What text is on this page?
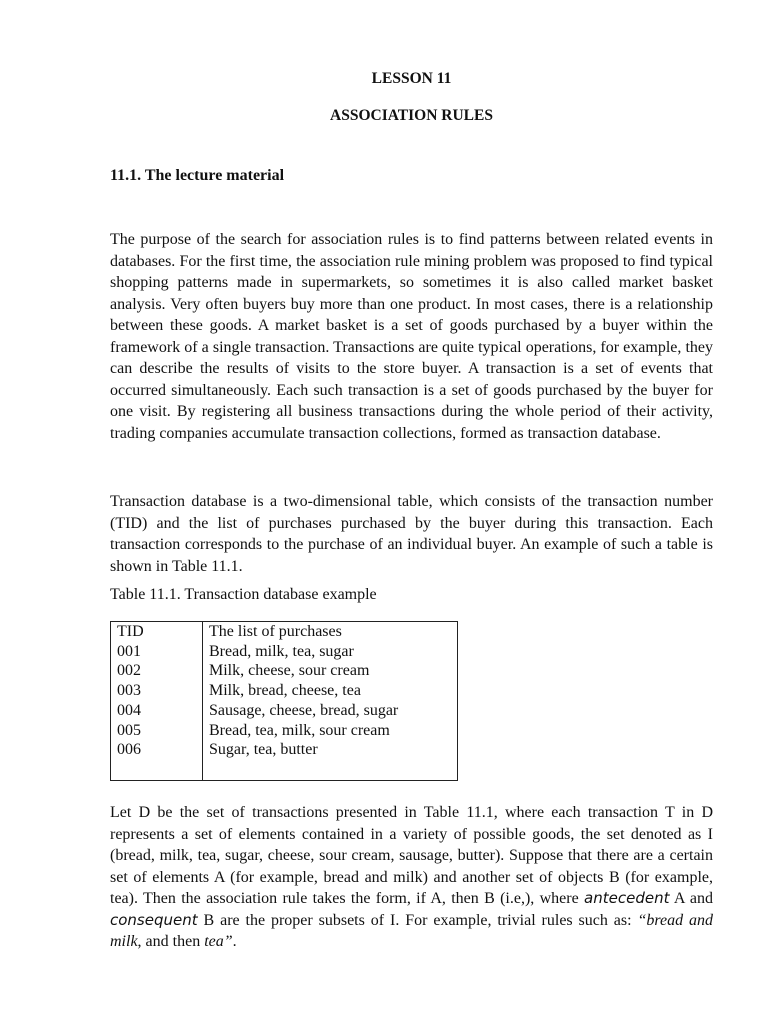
LESSON 11
ASSOCIATION RULES
11.1. The lecture material
The purpose of the search for association rules is to find patterns between related events in databases. For the first time, the association rule mining problem was proposed to find typical shopping patterns made in supermarkets, so sometimes it is also called market basket analysis. Very often buyers buy more than one product. In most cases, there is a relationship between these goods. A market basket is a set of goods purchased by a buyer within the framework of a single transaction. Transactions are quite typical operations, for example, they can describe the results of visits to the store buyer. A transaction is a set of events that occurred simultaneously. Each such transaction is a set of goods purchased by the buyer for one visit. By registering all business transactions during the whole period of their activity, trading companies accumulate transaction collections, formed as transaction database.
Transaction database is a two-dimensional table, which consists of the transaction number (TID) and the list of purchases purchased by the buyer during this transaction. Each transaction corresponds to the purchase of an individual buyer. An example of such a table is shown in Table 11.1.
Table 11.1. Transaction database example
TID	The list of purchases
001	Bread, milk, tea, sugar
002	Milk, cheese, sour cream
003	Milk, bread, cheese, tea
004	Sausage, cheese, bread, sugar
005	Bread, tea, milk, sour cream
006	Sugar, tea, butter
Let D be the set of transactions presented in Table 11.1, where each transaction T in D represents a set of elements contained in a variety of possible goods, the set denoted as I (bread, milk, tea, sugar, cheese, sour cream, sausage, butter). Suppose that there are a certain set of elements A (for example, bread and milk) and another set of objects B (for example, tea). Then the association rule takes the form, if A, then B (i.e,), where antecedent A and consequent B are the proper subsets of I. For example, trivial rules such as: “bread and milk, and then tea”.
